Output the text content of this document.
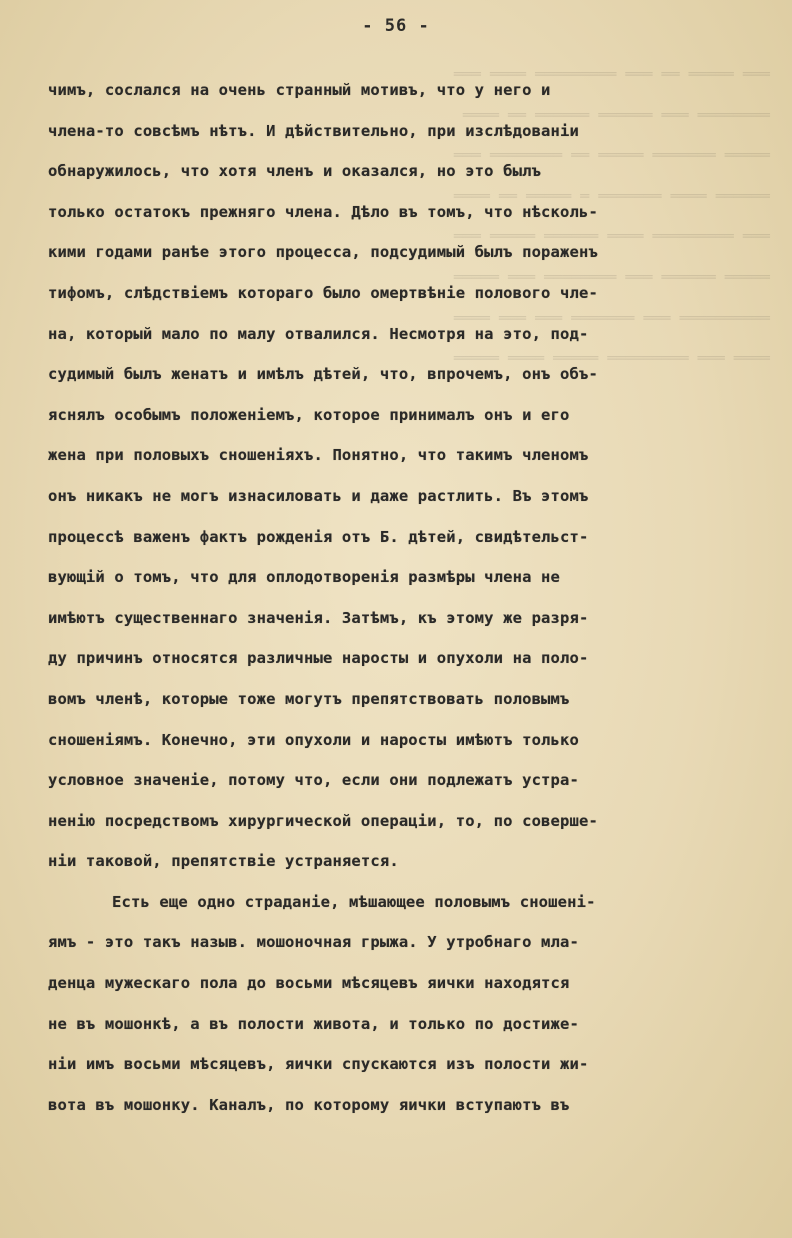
═══ ═════ ══ ═══ ═════════ ════ ═══
════════ ═══ ══════ ══════ ══ ════
═════ ═══════ ═════ ══ ════════ ═══
══════ ════ ═══════ ═ ═════ ══ ════
═══ ═════════ ════ ══════ ═════ ═══
═════ ══════ ═══ ════════ ═══ ═════
══════════ ═══ ═══════ ═══ ═══ ════
════ ═══ ═════════ ═════ ════ ═════
- 56 -
чимъ, сослался на очень странный мотивъ, что у него и
члена-то совсѣмъ нѣтъ. И дѣйствительно, при изслѣдованіи
обнаружилось, что хотя членъ и оказался, но это былъ
только остатокъ прежняго члена. Дѣло въ томъ, что нѣсколь-
кими годами ранѣе этого процесса, подсудимый былъ пораженъ
тифомъ, слѣдствіемъ котораго было омертвѣніе полового чле-
на, который мало по малу отвалился. Несмотря на это, под-
судимый былъ женатъ и имѣлъ дѣтей, что, впрочемъ, онъ объ-
яснялъ особымъ положеніемъ, которое принималъ онъ и его
жена при половыхъ сношеніяхъ. Понятно, что такимъ членомъ
онъ никакъ не могъ изнасиловать и даже растлить. Въ этомъ
процессѣ важенъ фактъ рожденія отъ Б. дѣтей, свидѣтельст-
вующій о томъ, что для оплодотворенія размѣры члена не
имѣютъ существеннаго значенія. Затѣмъ, къ этому же разря-
ду причинъ относятся различные наросты и опухоли на поло-
вомъ членѣ, которые тоже могутъ препятствовать половымъ
сношеніямъ. Конечно, эти опухоли и наросты имѣютъ только
условное значеніе, потому что, если они подлежатъ устра-
ненію посредствомъ хирургической операціи, то, по соверше-
ніи таковой, препятствіе устраняется.
Есть еще одно страданіе, мѣшающее половымъ сношені-
ямъ - это такъ назыв. мошоночная грыжа. У утробнаго мла-
денца мужескаго пола до восьми мѣсяцевъ яички находятся
не въ мошонкѣ, а въ полости живота, и только по достиже-
ніи имъ восьми мѣсяцевъ, яички спускаются изъ полости жи-
вота въ мошонку. Каналъ, по которому яички вступаютъ въ
